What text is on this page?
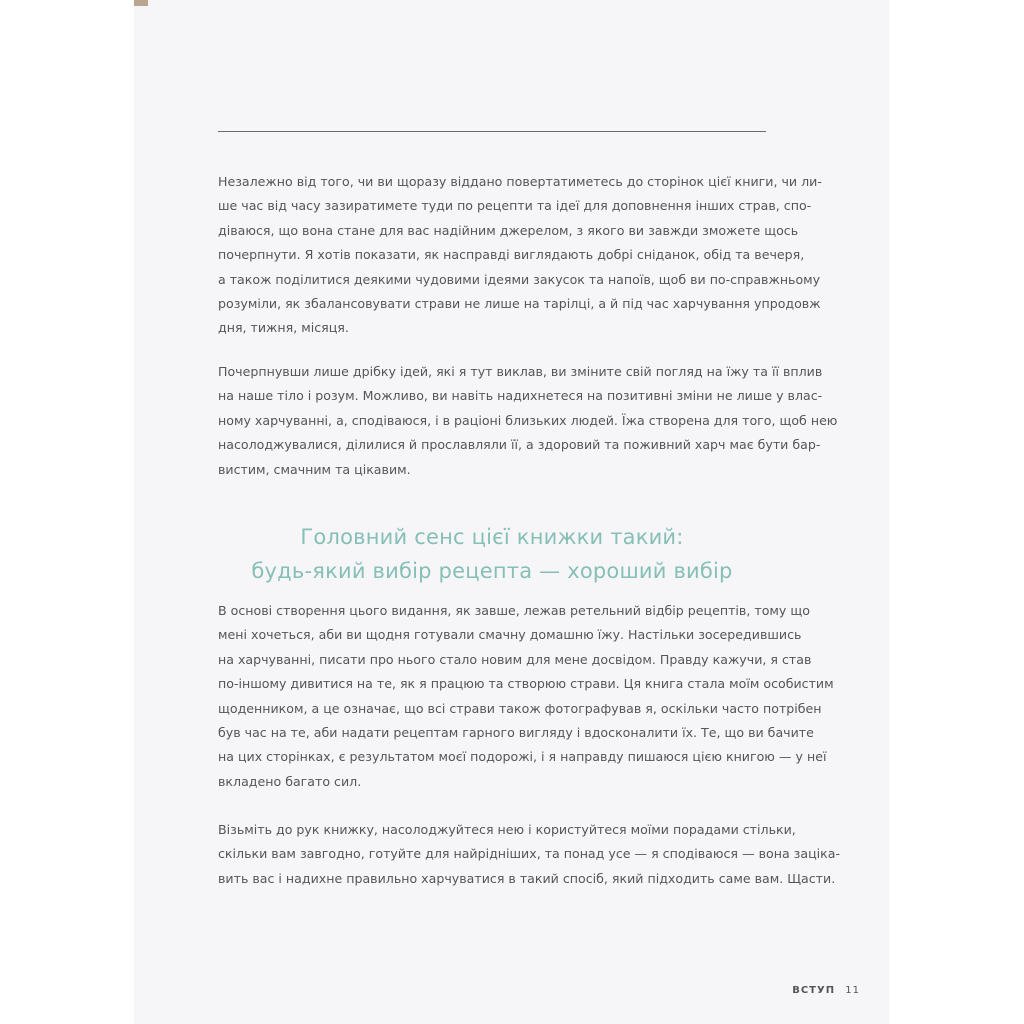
Незалежно від того, чи ви щоразу віддано повертатиметесь до сторінок цієї книги, чи ли-
ше час від часу зазиратимете туди по рецепти та ідеї для доповнення інших страв, спо-
діваюся, що вона стане для вас надійним джерелом, з якого ви завжди зможете щось
почерпнути. Я хотів показати, як насправді виглядають добрі сніданок, обід та вечеря,
а також поділитися деякими чудовими ідеями закусок та напоїв, щоб ви по-справжньому
розуміли, як збалансовувати страви не лише на тарілці, а й під час харчування упродовж
дня, тижня, місяця.
Почерпнувши лише дрібку ідей, які я тут виклав, ви зміните свій погляд на їжу та її вплив
на наше тіло і розум. Можливо, ви навіть надихнетеся на позитивні зміни не лише у влас-
ному харчуванні, а, сподіваюся, і в раціоні близьких людей. Їжа створена для того, щоб нею
насолоджувалися, ділилися й прославляли її, а здоровий та поживний харч має бути бар-
вистим, смачним та цікавим.
Головний сенс цієї книжки такий:
будь-який вибір рецепта — хороший вибір
В основі створення цього видання, як завше, лежав ретельний відбір рецептів, тому що
мені хочеться, аби ви щодня готували смачну домашню їжу. Настільки зосередившись
на харчуванні, писати про нього стало новим для мене досвідом. Правду кажучи, я став
по-іншому дивитися на те, як я працюю та створюю страви. Ця книга стала моїм особистим
щоденником, а це означає, що всі страви також фотографував я, оскільки часто потрібен
був час на те, аби надати рецептам гарного вигляду і вдосконалити їх. Те, що ви бачите
на цих сторінках, є результатом моєї подорожі, і я направду пишаюся цією книгою — у неї
вкладено багато сил.
Візьміть до рук книжку, насолоджуйтеся нею і користуйтеся моїми порадами стільки,
скільки вам завгодно, готуйте для найрідніших, та понад усе — я сподіваюся — вона заціка-
вить вас і надихне правильно харчуватися в такий спосіб, який підходить саме вам. Щасти.
ВСТУП 11
